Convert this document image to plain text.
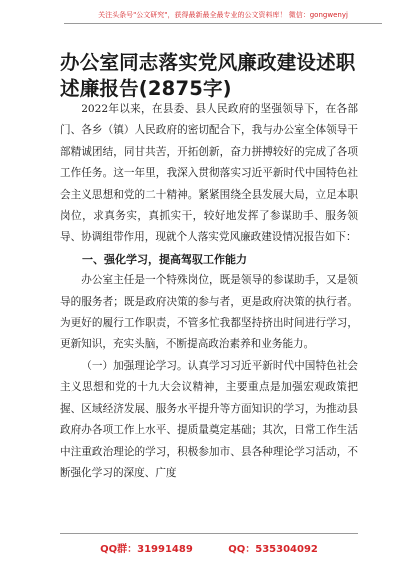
关注头条号"公文研究"，获得最新最全最专业的公文资料库！ 微信：gongwenyj
办公室同志落实党风廉政建设述职述廉报告(2875字)

2022年以来，在县委、县人民政府的坚强领导下，在各部门、各乡（镇）人民政府的密切配合下，我与办公室全体领导干部精诚团结，同甘共苦，开拓创新，奋力拼搏较好的完成了各项工作任务。这一年里，我深入贯彻落实习近平新时代中国特色社会主义思想和党的二十精神。紧紧围绕全县发展大局，立足本职岗位，求真务实，真抓实干，较好地发挥了参谋助手、服务领导、协调组带作用，现就个人落实党风廉政建设情况报告如下：

一、强化学习，提高驾驭工作能力

办公室主任是一个特殊岗位，既是领导的参谋助手，又是领导的服务者；既是政府决策的参与者，更是政府决策的执行者。为更好的履行工作职责，不管多忙我都坚持挤出时间进行学习，更新知识，充实头脑，不断提高政治素养和业务能力。

（一）加强理论学习。认真学习习近平新时代中国特色社会主义思想和党的十九大会议精神，主要重点是加强宏观政策把握、区域经济发展、服务水平提升等方面知识的学习，为推动县政府办各项工作上水平、提质量奠定基础；其次，日常工作生活中注重政治理论的学习，积极参加市、县各种理论学习活动，不断强化学习的深度、广度

QQ群：31991489	QQ：535304092
